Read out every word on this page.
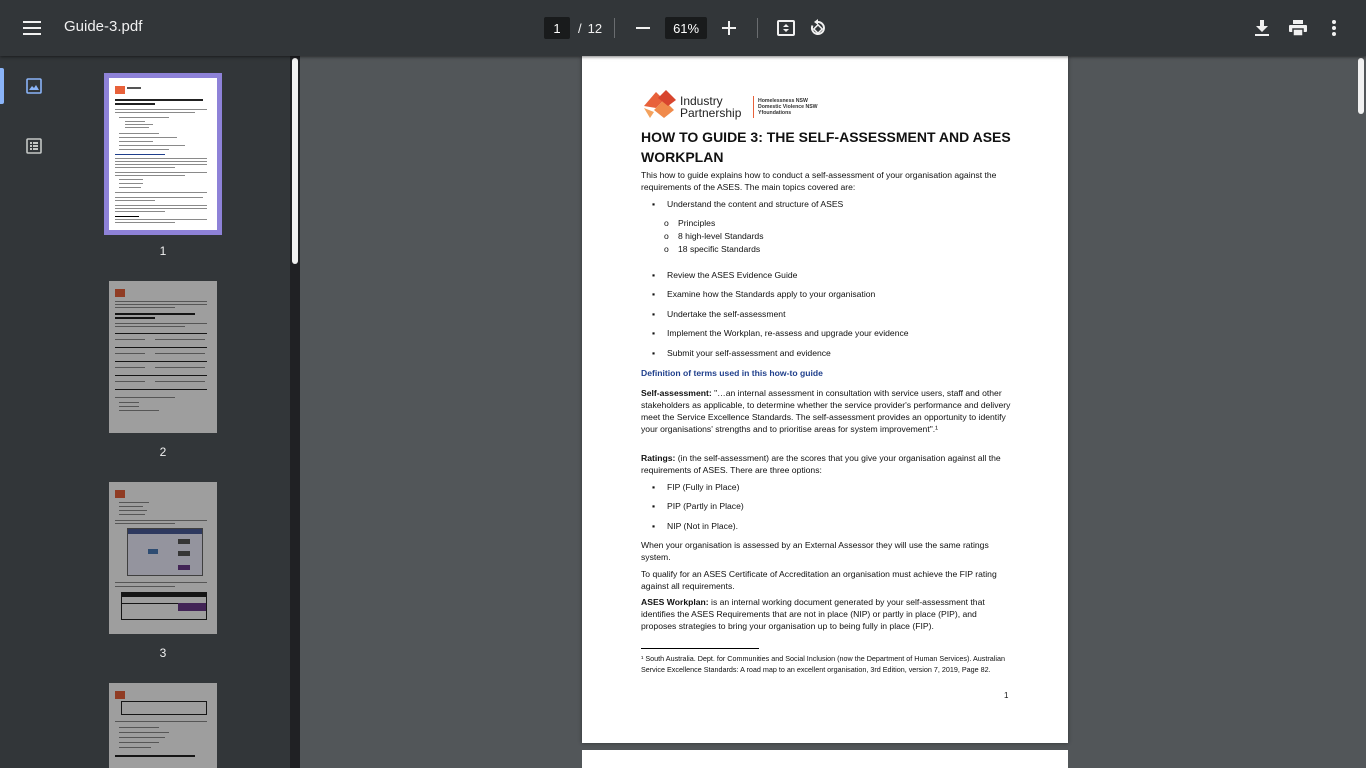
Guide-3.pdf	1	/ 12	61%
1
2
3
Industry
Partnership
Homelessness NSW
Domestic Violence NSW
Yfoundations
HOW TO GUIDE 3: THE SELF-ASSESSMENT AND ASES WORKPLAN
This how to guide explains how to conduct a self-assessment of your organisation against the requirements of the ASES. The main topics covered are:
▪ Understand the content and structure of ASES
o Principles
o 8 high-level Standards
o 18 specific Standards
▪ Review the ASES Evidence Guide
▪ Examine how the Standards apply to your organisation
▪ Undertake the self-assessment
▪ Implement the Workplan, re-assess and upgrade your evidence
▪ Submit your self-assessment and evidence
Definition of terms used in this how-to guide
Self-assessment: "…an internal assessment in consultation with service users, staff and other stakeholders as applicable, to determine whether the service provider's performance and delivery meet the Service Excellence Standards. The self-assessment provides an opportunity to identify your organisations' strengths and to prioritise areas for system improvement".¹
Ratings: (in the self-assessment) are the scores that you give your organisation against all the requirements of ASES. There are three options:
▪ FIP (Fully in Place)
▪ PIP (Partly in Place)
▪ NIP (Not in Place).
When your organisation is assessed by an External Assessor they will use the same ratings system.
To qualify for an ASES Certificate of Accreditation an organisation must achieve the FIP rating against all requirements.
ASES Workplan: is an internal working document generated by your self-assessment that identifies the ASES Requirements that are not in place (NIP) or partly in place (PIP), and proposes strategies to bring your organisation up to being fully in place (FIP).
¹ South Australia. Dept. for Communities and Social Inclusion (now the Department of Human Services). Australian Service Excellence Standards: A road map to an excellent organisation, 3rd Edition, version 7, 2019, Page 82.
1
